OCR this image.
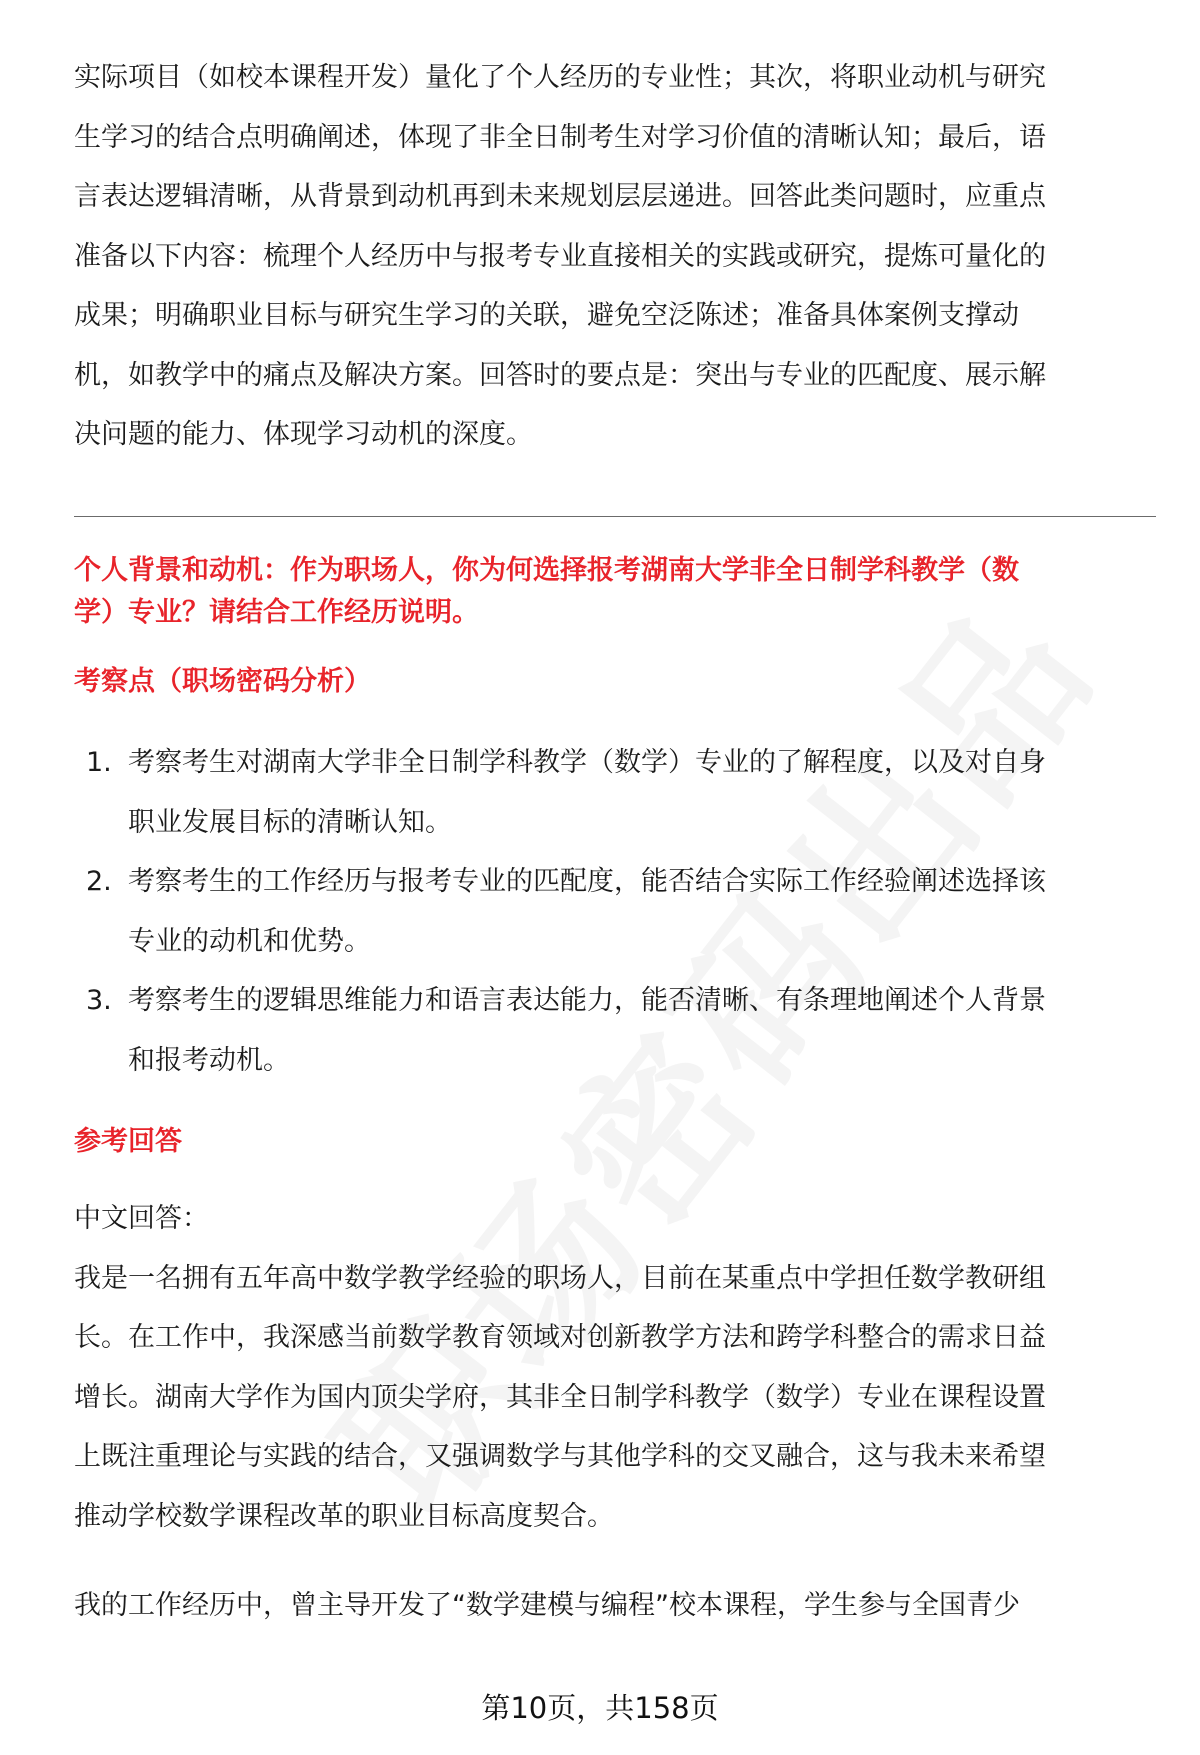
实际项目（如校本课程开发）量化了个人经历的专业性；其次，将职业动机与研究
生学习的结合点明确阐述，体现了非全日制考生对学习价值的清晰认知；最后，语
言表达逻辑清晰，从背景到动机再到未来规划层层递进。回答此类问题时，应重点
准备以下内容：梳理个人经历中与报考专业直接相关的实践或研究，提炼可量化的
成果；明确职业目标与研究生学习的关联，避免空泛陈述；准备具体案例支撑动
机，如教学中的痛点及解决方案。回答时的要点是：突出与专业的匹配度、展示解
决问题的能力、体现学习动机的深度。
个人背景和动机：作为职场人，你为何选择报考湖南大学非全日制学科教学（数
学）专业？请结合工作经历说明。
考察点（职场密码分析）
1. 考察考生对湖南大学非全日制学科教学（数学）专业的了解程度，以及对自身
职业发展目标的清晰认知。
2. 考察考生的工作经历与报考专业的匹配度，能否结合实际工作经验阐述选择该
专业的动机和优势。
3. 考察考生的逻辑思维能力和语言表达能力，能否清晰、有条理地阐述个人背景
和报考动机。
参考回答
中文回答：
我是一名拥有五年高中数学教学经验的职场人，目前在某重点中学担任数学教研组
长。在工作中，我深感当前数学教育领域对创新教学方法和跨学科整合的需求日益
增长。湖南大学作为国内顶尖学府，其非全日制学科教学（数学）专业在课程设置
上既注重理论与实践的结合，又强调数学与其他学科的交叉融合，这与我未来希望
推动学校数学课程改革的职业目标高度契合。
我的工作经历中，曾主导开发了“数学建模与编程”校本课程，学生参与全国青少
第10页，共158页
